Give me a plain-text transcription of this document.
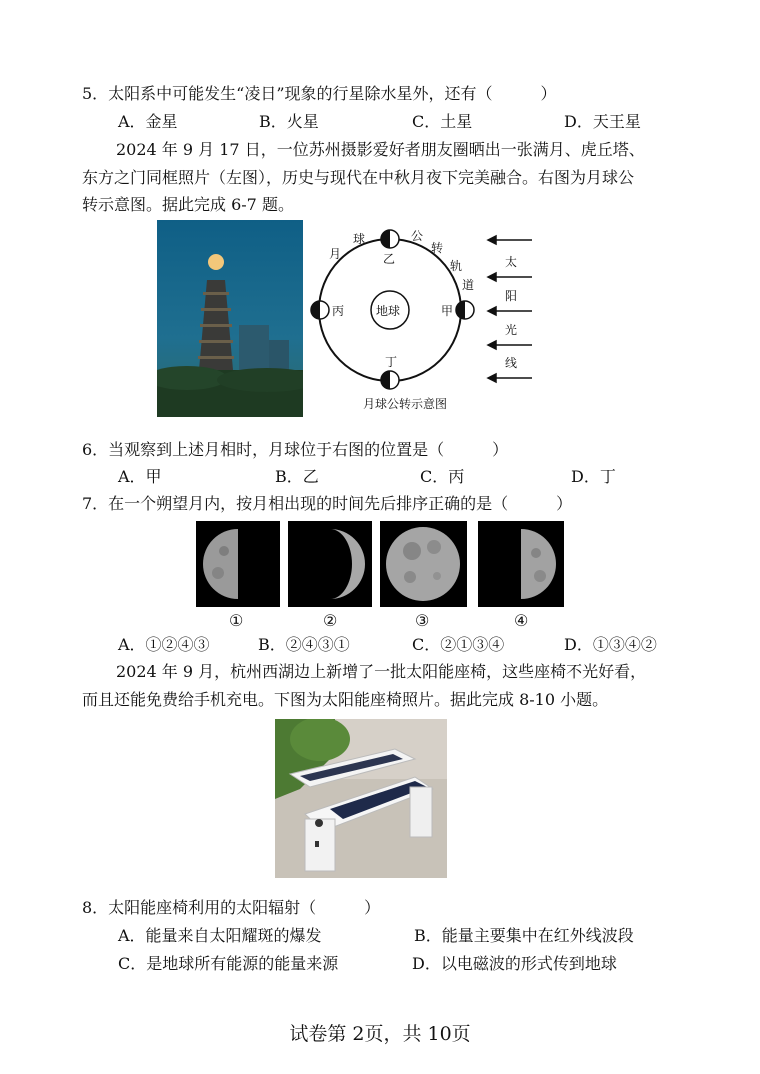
5．太阳系中可能发生“凌日”现象的行星除水星外，还有（　　　）
A．金星	B．火星	C．土星	D．天王星
2024 年 9 月 17 日，一位苏州摄影爱好者朋友圈晒出一张满月、虎丘塔、
东方之门同框照片（左图），历史与现代在中秋月夜下完美融合。右图为月球公
转示意图。据此完成 6-7 题。
地球	甲
乙
丙
丁
月
球	公
转
轨
道
太
阳
光
线
月球公转示意图
6．当观察到上述月相时，月球位于右图的位置是（　　　）
A．甲	B．乙	C．丙	D．丁
7．在一个朔望月内，按月相出现的时间先后排序正确的是（　　　）
①	②	③	④
A．①②④③	B．②④③①	C．②①③④	D．①③④②
2024 年 9 月，杭州西湖边上新增了一批太阳能座椅，这些座椅不光好看，
而且还能免费给手机充电。下图为太阳能座椅照片。据此完成 8-10 小题。
8．太阳能座椅利用的太阳辐射（　　　）
A．能量来自太阳耀斑的爆发	B．能量主要集中在红外线波段
C．是地球所有能源的能量来源	D．以电磁波的形式传到地球
试卷第 2页，共 10页
